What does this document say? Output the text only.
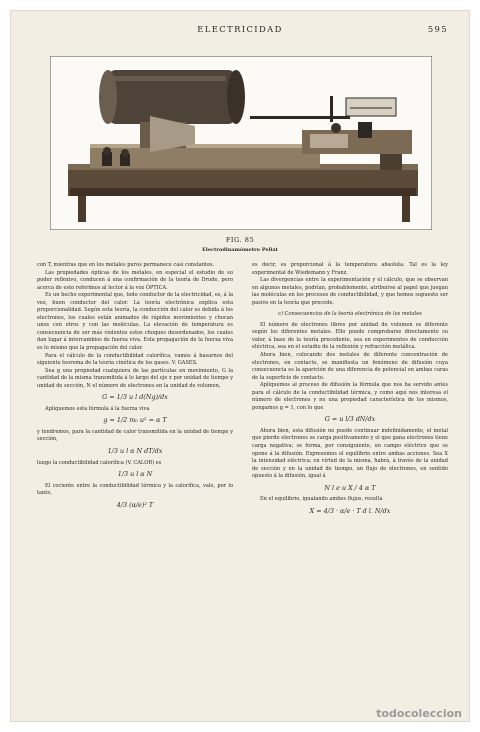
ELECTRICIDAD	595
FIG. 85
Electrodinamómetro Pellat

con T, mientras que en los metales puros permanece casi constantes.

Las propiedades ópticas de los metales, en especial el estudio de su poder reflexivo, conducen á una confirmación de la teoría de Drude, pero acerca de esto referimos al lector á la voz ÓPTICA.

Es un hecho experimental que, todo conductor de la electricidad, es, á la vez, buen conductor del calor. La teoría electrónica explica esta proporcionalidad. Según esta teoría, la conducción del calor es debida á los electrones, los cuales están animados de rápidos movimientos y chocan unos con otros y con las moléculas. La elevación de temperatura es consecuencia de ser más violentos estos choques desordenados, los cuales dan lugar á intercambios de fuerza viva. Esta propagación de la fuerza viva es lo mismo que la propagación del calor.

Para el cálculo de la conductibilidad calorífica, vamos á basarnos del siguiente teorema de la teoría cinética de los gases. V. GASES.

Sea g una propiedad cualquiera de las partículas en movimiento, G la cantidad de la misma transmitida á lo largo del eje x por unidad de tiempo y unidad de sección, N el número de electrones en la unidad de volumen,

G = 1/3 u l d(Ng)/dx

Apliquemos esta fórmula á la fuerza viva

g = 1/2 m₀ u² = α T

y tendremos, para la cantidad de calor transmitida en la unidad de tiempo y sección,

1/3 u l α N dT/dx

luego la conductibilidad calorífica (V. CALOR) es

1/3 u l α N

El cociente entre la conductibilidad térmica y la calorífica, vale, por lo tanto,

4/3 (α/e)² T

es decir, es proporcional á la temperatura absoluta. Tal es la ley experimental de Wiedemann y Franz.

Las divergencias entre la experimentación y el cálculo, que se observan en algunos metales, podrían, probablemente, atribuirse al papel que juegan las moléculas en los procesos de conductibilidad, y que hemos supuesto ser pasivo en la teoría que precede.

c) Consecuencias de la teoría electrónica de los metales

El número de electrones libres por unidad de volumen es diferente según los diferentes metales. Ello puede comprobarse directamente su valor, á base de la teoría precedente, sea en experimentos de conducción eléctrica, sea en el estudio de la reflexión y refracción metálica.

Ahora bien, colocando dos metales de diferente concentración de electrones, en contacto, se manifiesta un fenómeno de difusión cuya consecuencia es la aparición de una diferencia de potencial en ambas caras de la superficie de contacto.

Apliquemos al proceso de difusión la fórmula que nos ha servido antes para el cálculo de la conductibilidad térmica, y como aquí nos interesa el número de electrones y no una propiedad característica de los mismos, pongamos g = 1, con lo que

G = u l/3 dN/dx

Ahora bien, esta difusión no puede continuar indefinidamente, el metal que pierde electrones se carga positivamente y el que gana electrones tiene carga negativa; se forma, por consiguiente, un campo eléctrico que se opone á la difusión. Expresemos el equilibrio entre ambas acciones. Sea X la intensidad eléctrica; en virtud de la misma, habrá, á través de la unidad de sección y en la unidad de tiempo, un flujo de electrones, en sentido opuesto á la difusión, igual á

N l e u X / 4 α T

En el equilibrio, igualando ambos flujos, resulta

X = 4/3 · α/e · T d l. N/dx

todocoleccion
